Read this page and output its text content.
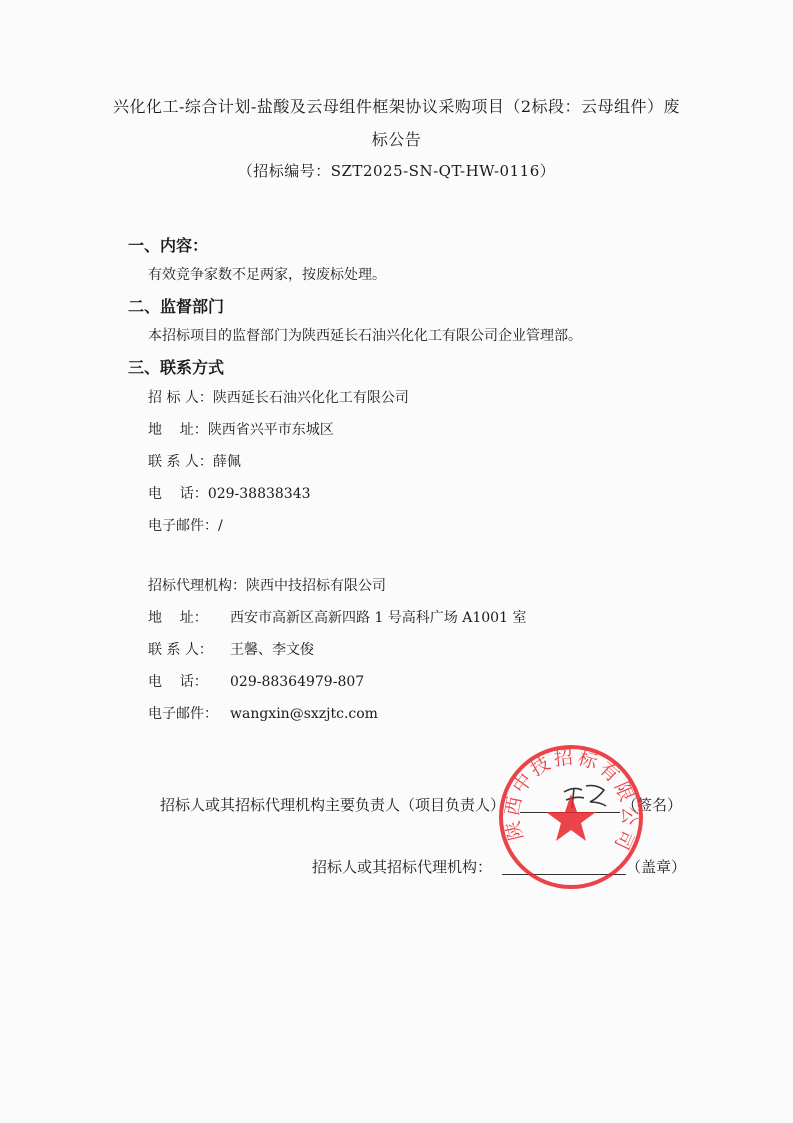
兴化化工-综合计划-盐酸及云母组件框架协议采购项目（2标段：云母组件）废
标公告
（招标编号：SZT2025-SN-QT-HW-0116）
一、内容：
有效竞争家数不足两家，按废标处理。
二、监督部门
本招标项目的监督部门为陕西延长石油兴化化工有限公司企业管理部。
三、联系方式
招 标 人：陕西延长石油兴化化工有限公司
地    址：陕西省兴平市东城区
联 系 人：薛佩
电    话：029-38838343
电子邮件：/
招标代理机构：陕西中技招标有限公司
地    址： 西安市高新区高新四路 1 号高科广场 A1001 室
联 系 人： 王馨、李文俊
电    话： 029-88364979-807
电子邮件： wangxin@sxzjtc.com
招标人或其招标代理机构主要负责人（项目负责人）	（签名）
招标人或其招标代理机构：	（盖章）
陕西中技招标有限公司
